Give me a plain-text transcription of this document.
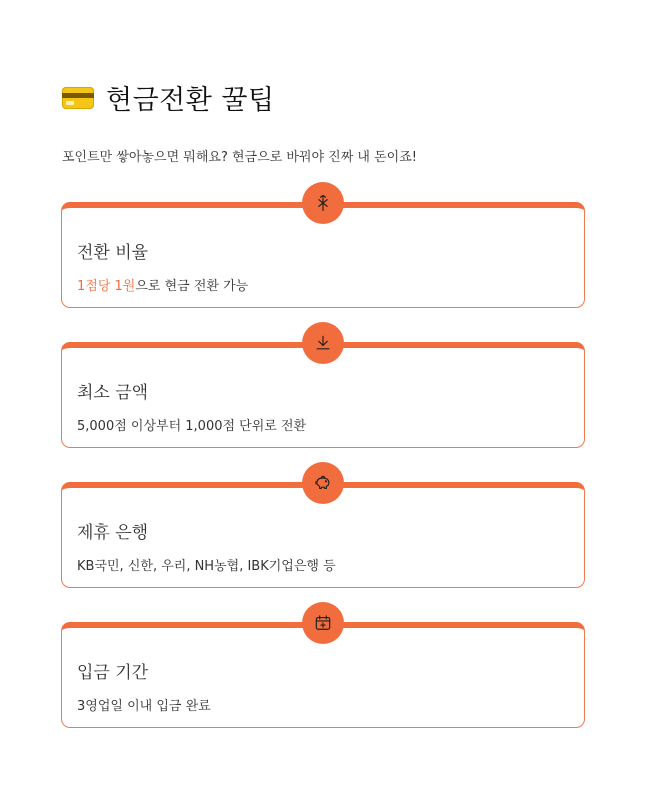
현금전환 꿀팁
포인트만 쌓아놓으면 뭐해요? 현금으로 바꿔야 진짜 내 돈이죠!
전환 비율
1점당 1원으로 현금 전환 가능
최소 금액
5,000점 이상부터 1,000점 단위로 전환
제휴 은행
KB국민, 신한, 우리, NH농협, IBK기업은행 등
입금 기간
3영업일 이내 입금 완료
